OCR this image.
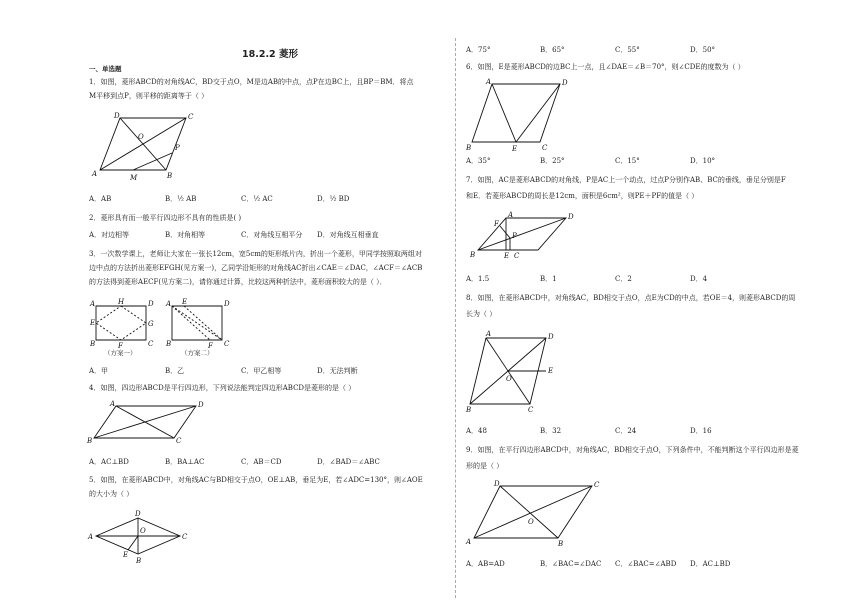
18.2.2 菱形
一、单选题
1．如图，菱形ABCD的对角线AC，BD交于点O，M是边AB的中点，点P在边BC上，且BP＝BM．将点
M平移到点P，则平移的距离等于（ ）
D	C
O
P
A	M	B
A．AB	B．½ AB	C．½ AC	D．½ BD
2．菱形具有而一般平行四边形不具有的性质是( )
A．对边相等	B．对角相等	C．对角线互相平分 D．对角线互相垂直
3．一次数学课上，老师让大家在一张长12cm，宽5cm的矩形纸片内，折出一个菱形，甲同学按照取两组对
边中点的方法折出菱形EFGH(见方案一)，乙同学沿矩形的对角线AC折出∠CAE＝∠DAC，∠ACF＝∠ACB
的方法得到菱形AECF(见方案二)，请你通过计算，比较这两种折法中，菱形面积较大的是（ ）．
A	H	D
E	G
B	F	C
（方案一）
A E	D
B	F C
（方案二）
A．甲	B．乙	C．甲乙相等	D．无法判断
4．如图，四边形ABCD是平行四边形，下列说法能判定四边形ABCD是菱形的是（ ）
A	D
B	C
A．AC⊥BD	B．BA⊥AC	C．AB＝CD	D．∠BAD＝∠ABC
5．如图，在菱形ABCD中，对角线AC与BD相交于点O，OE⊥AB，垂足为E，若∠ADC=130°，则∠AOE
的大小为（ ）
D
O
A	C
E
B
A．75°	B．65°	C．55°	D．50°
6．如图，E是菱形ABCD的边BC上一点，且∠DAE＝∠B＝70°，则∠CDE的度数为（ ）
A	D
B	E	C
A．35°	B．25°	C．15°	D．10°
7．如图，AC是菱形ABCD的对角线，P是AC上一个动点，过点P分别作AB、BC的垂线，垂足分别是F
和E．若菱形ABCD的周长是12cm，面积是6cm²，则PE＋PF的值是（ ）
A
F
D
P
B	E C
A．1.5	B．1	C．2	D．4
8．如图，在菱形ABCD中，对角线AC，BD相交于点O，点E为CD的中点，若OE＝4，则菱形ABCD的周
长为（ ）
A	D
O
E
B	C
A．48	B．32	C．24	D．16
9．如图，在平行四边形ABCD中，对角线AC，BD相交于点O，下列条件中，不能判断这个平行四边形是菱
形的是（ ）
D	C
O
A	B
A．AB=AD	B．∠BAC=∠DAC C．∠BAC=∠ABD D．AC⊥BD
